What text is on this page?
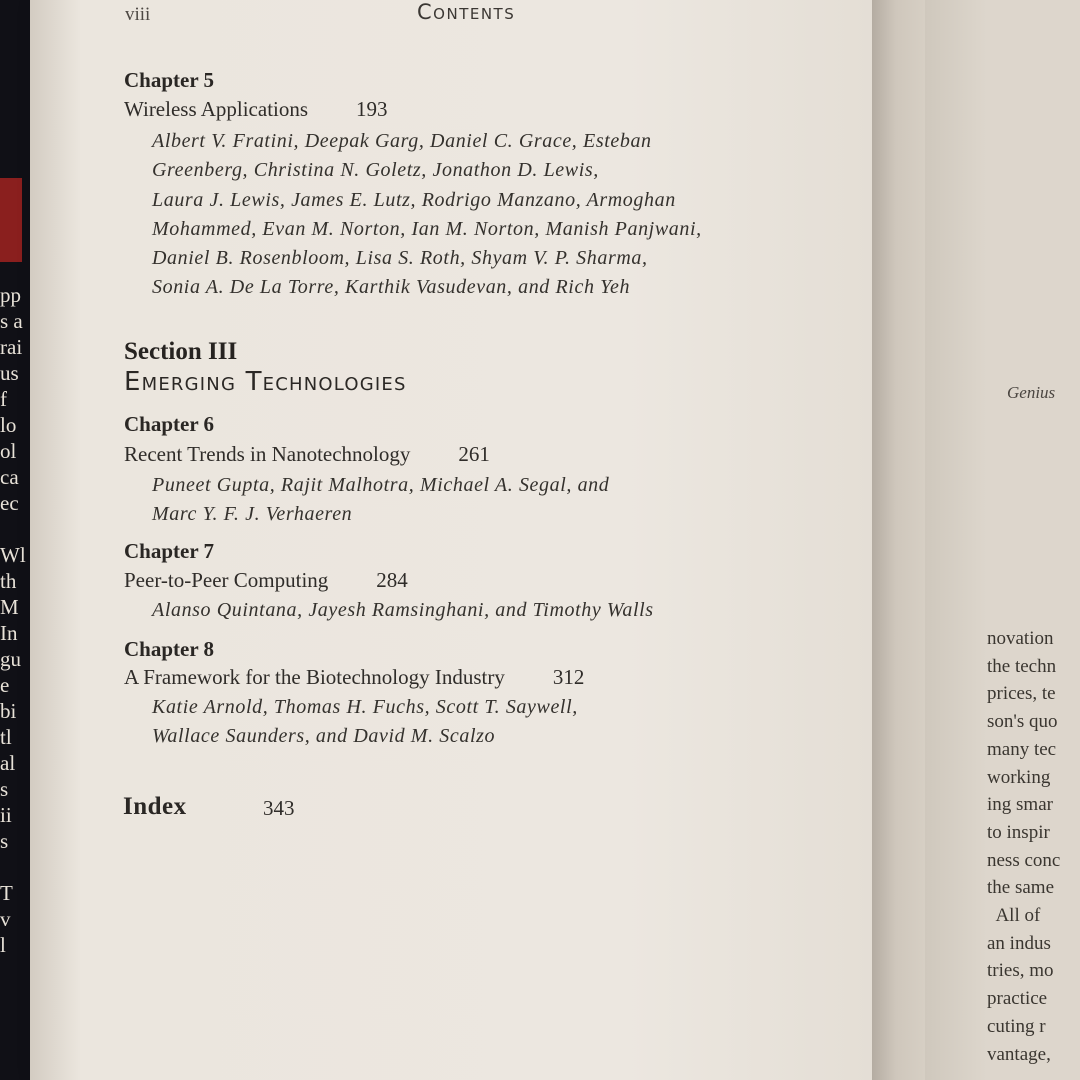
pp
s a
rai
us
f
lo
ol
ca
ec

Wl
th
M
In
gu
e
bi
tl
al
s
ii
s

T
v
l
viii	Contents
Chapter 5
Wireless Applications 193
Albert V. Fratini, Deepak Garg, Daniel C. Grace, Esteban
Greenberg, Christina N. Goletz, Jonathon D. Lewis,
Laura J. Lewis, James E. Lutz, Rodrigo Manzano, Armoghan
Mohammed, Evan M. Norton, Ian M. Norton, Manish Panjwani,
Daniel B. Rosenbloom, Lisa S. Roth, Shyam V. P. Sharma,
Sonia A. De La Torre, Karthik Vasudevan, and Rich Yeh
Section III
Emerging Technologies
Chapter 6
Recent Trends in Nanotechnology 261
Puneet Gupta, Rajit Malhotra, Michael A. Segal, and
Marc Y. F. J. Verhaeren
Chapter 7
Peer-to-Peer Computing 284
Alanso Quintana, Jayesh Ramsinghani, and Timothy Walls
Chapter 8
A Framework for the Biotechnology Industry 312
Katie Arnold, Thomas H. Fuchs, Scott T. Saywell,
Wallace Saunders, and David M. Scalzo
Index	343
Genius
novation
the techn
prices, te
son's quo
many tec
working
ing smar
to inspir
ness conc
the same
All of
an indus
tries, mo
practice
cuting r
vantage,
